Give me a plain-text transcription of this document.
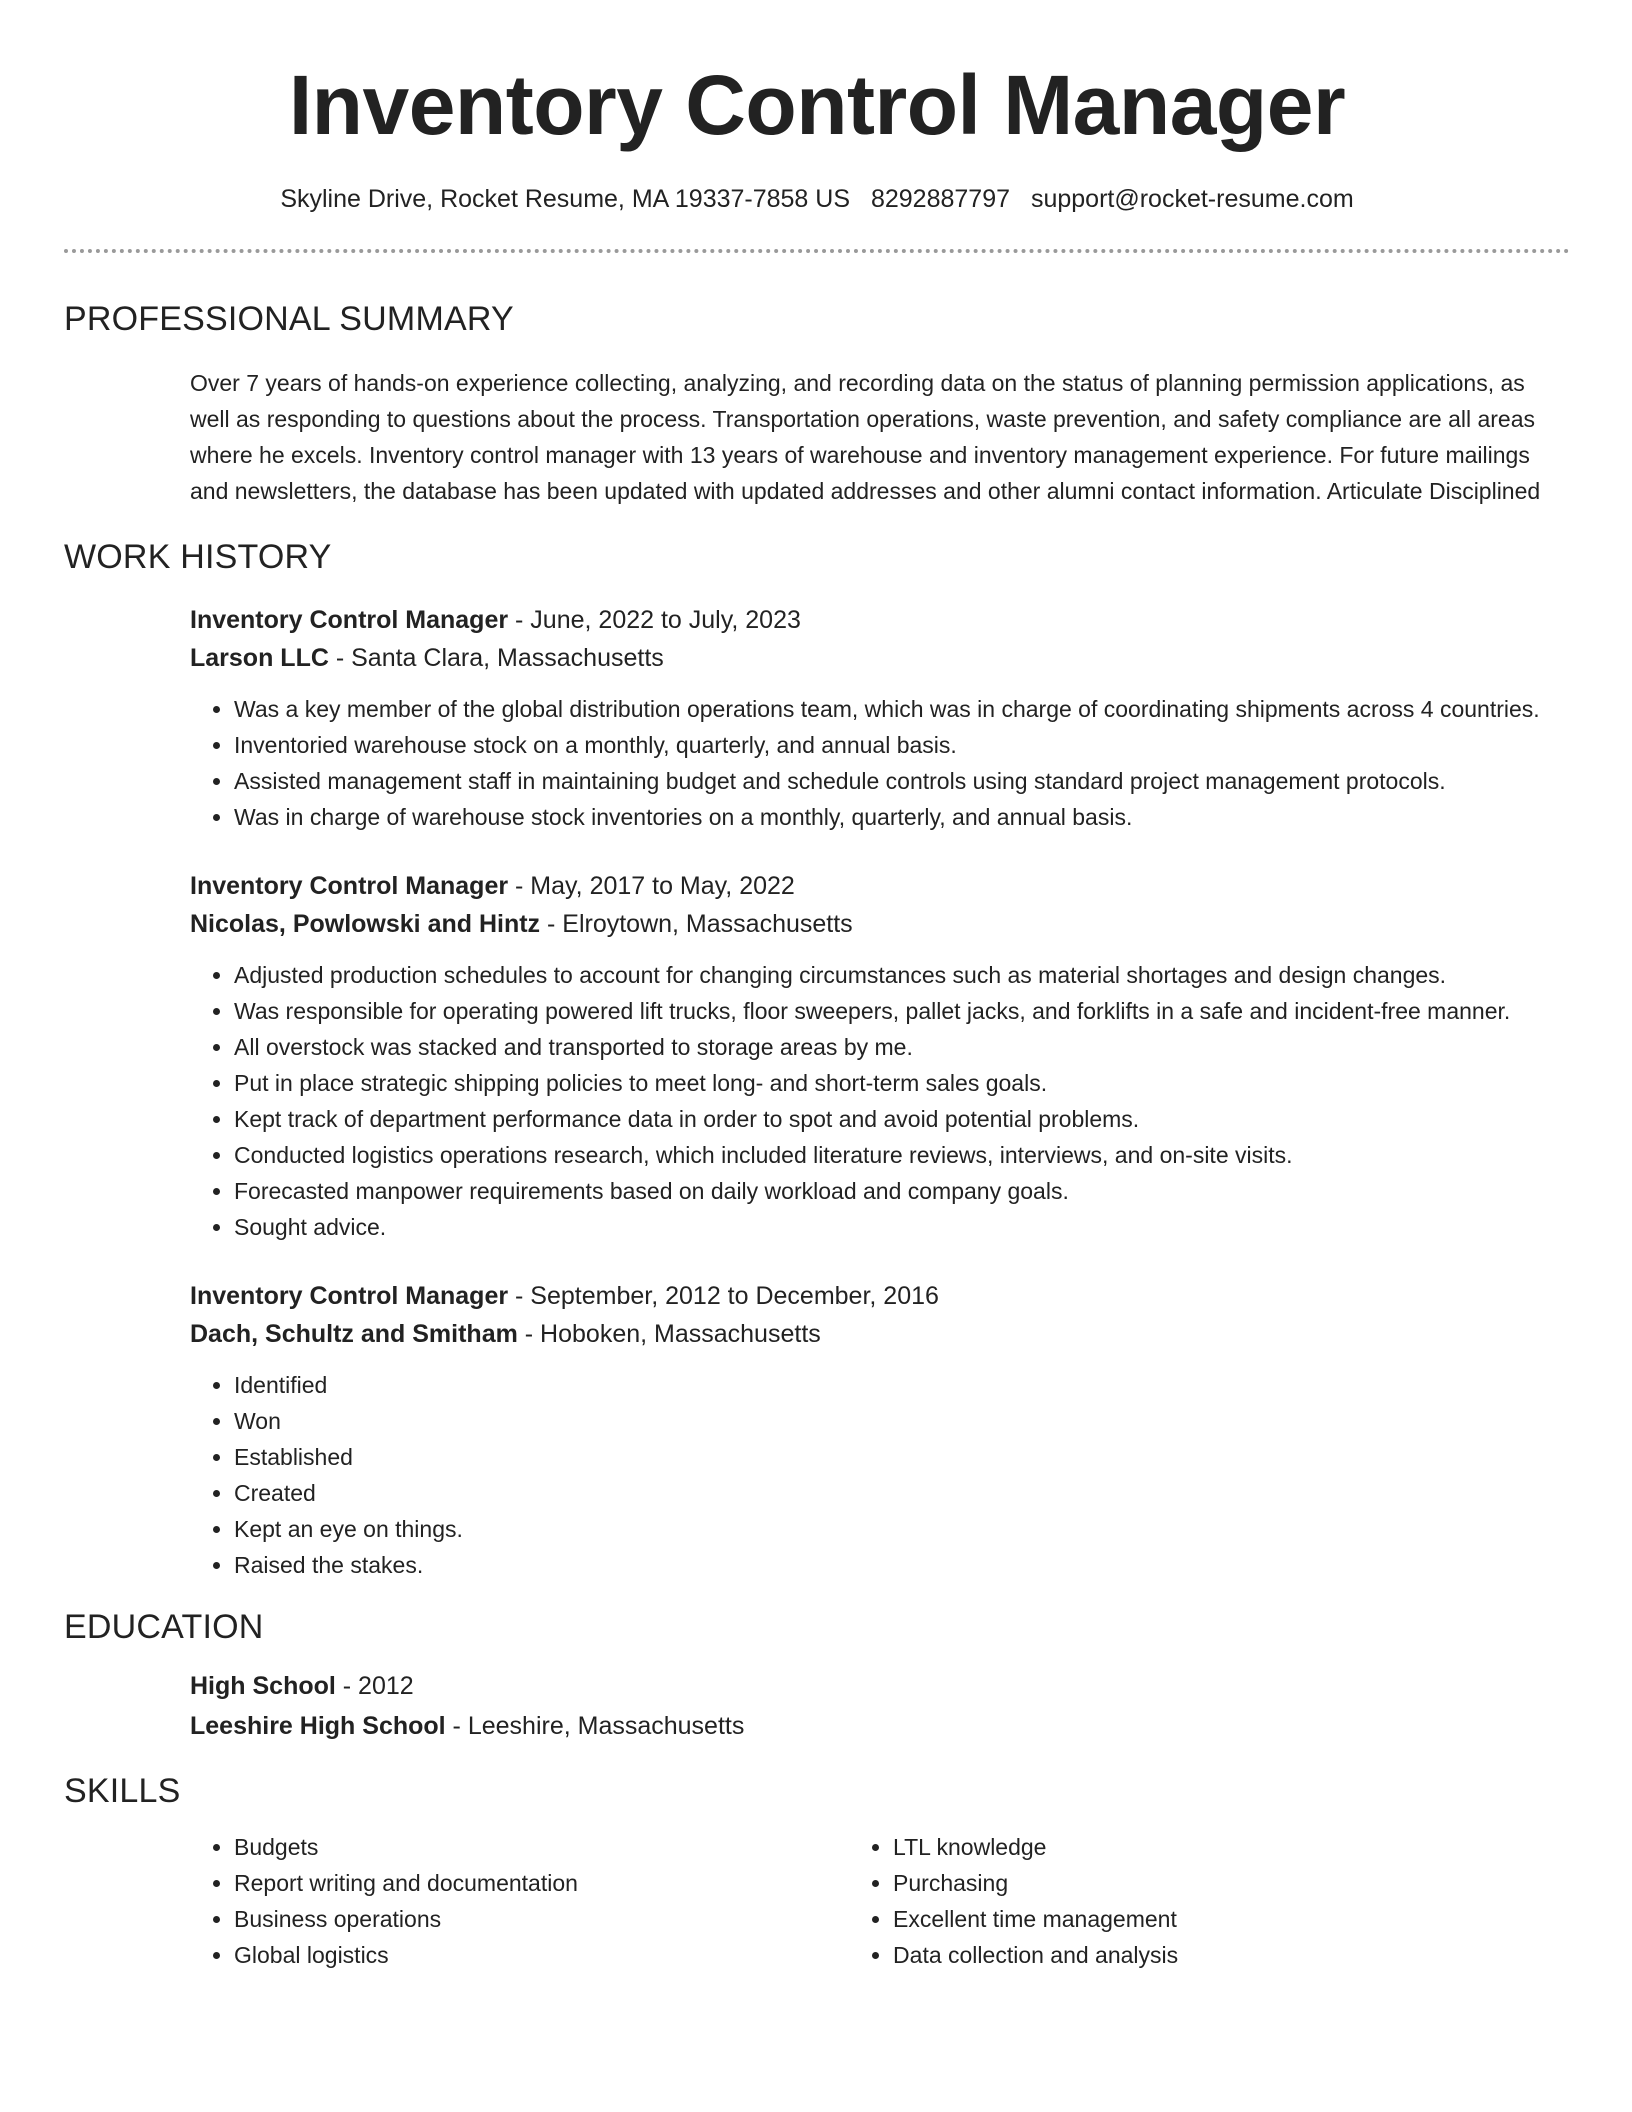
Inventory Control Manager
Skyline Drive, Rocket Resume, MA 19337-7858 US 8292887797 support@rocket-resume.com
PROFESSIONAL SUMMARY
Over 7 years of hands-on experience collecting, analyzing, and recording data on the status of planning permission applications, as well as responding to questions about the process. Transportation operations, waste prevention, and safety compliance are all areas where he excels. Inventory control manager with 13 years of warehouse and inventory management experience. For future mailings and newsletters, the database has been updated with updated addresses and other alumni contact information. Articulate Disciplined
WORK HISTORY
Inventory Control Manager - June, 2022 to July, 2023
Larson LLC - Santa Clara, Massachusetts
• Was a key member of the global distribution operations team, which was in charge of coordinating shipments across 4 countries.
• Inventoried warehouse stock on a monthly, quarterly, and annual basis.
• Assisted management staff in maintaining budget and schedule controls using standard project management protocols.
• Was in charge of warehouse stock inventories on a monthly, quarterly, and annual basis.
Inventory Control Manager - May, 2017 to May, 2022
Nicolas, Powlowski and Hintz - Elroytown, Massachusetts
• Adjusted production schedules to account for changing circumstances such as material shortages and design changes.
• Was responsible for operating powered lift trucks, floor sweepers, pallet jacks, and forklifts in a safe and incident-free manner.
• All overstock was stacked and transported to storage areas by me.
• Put in place strategic shipping policies to meet long- and short-term sales goals.
• Kept track of department performance data in order to spot and avoid potential problems.
• Conducted logistics operations research, which included literature reviews, interviews, and on-site visits.
• Forecasted manpower requirements based on daily workload and company goals.
• Sought advice.
Inventory Control Manager - September, 2012 to December, 2016
Dach, Schultz and Smitham - Hoboken, Massachusetts
• Identified
• Won
• Established
• Created
• Kept an eye on things.
• Raised the stakes.
EDUCATION
High School - 2012
Leeshire High School - Leeshire, Massachusetts
SKILLS
• Budgets
• Report writing and documentation
• Business operations
• Global logistics
• LTL knowledge
• Purchasing
• Excellent time management
• Data collection and analysis
